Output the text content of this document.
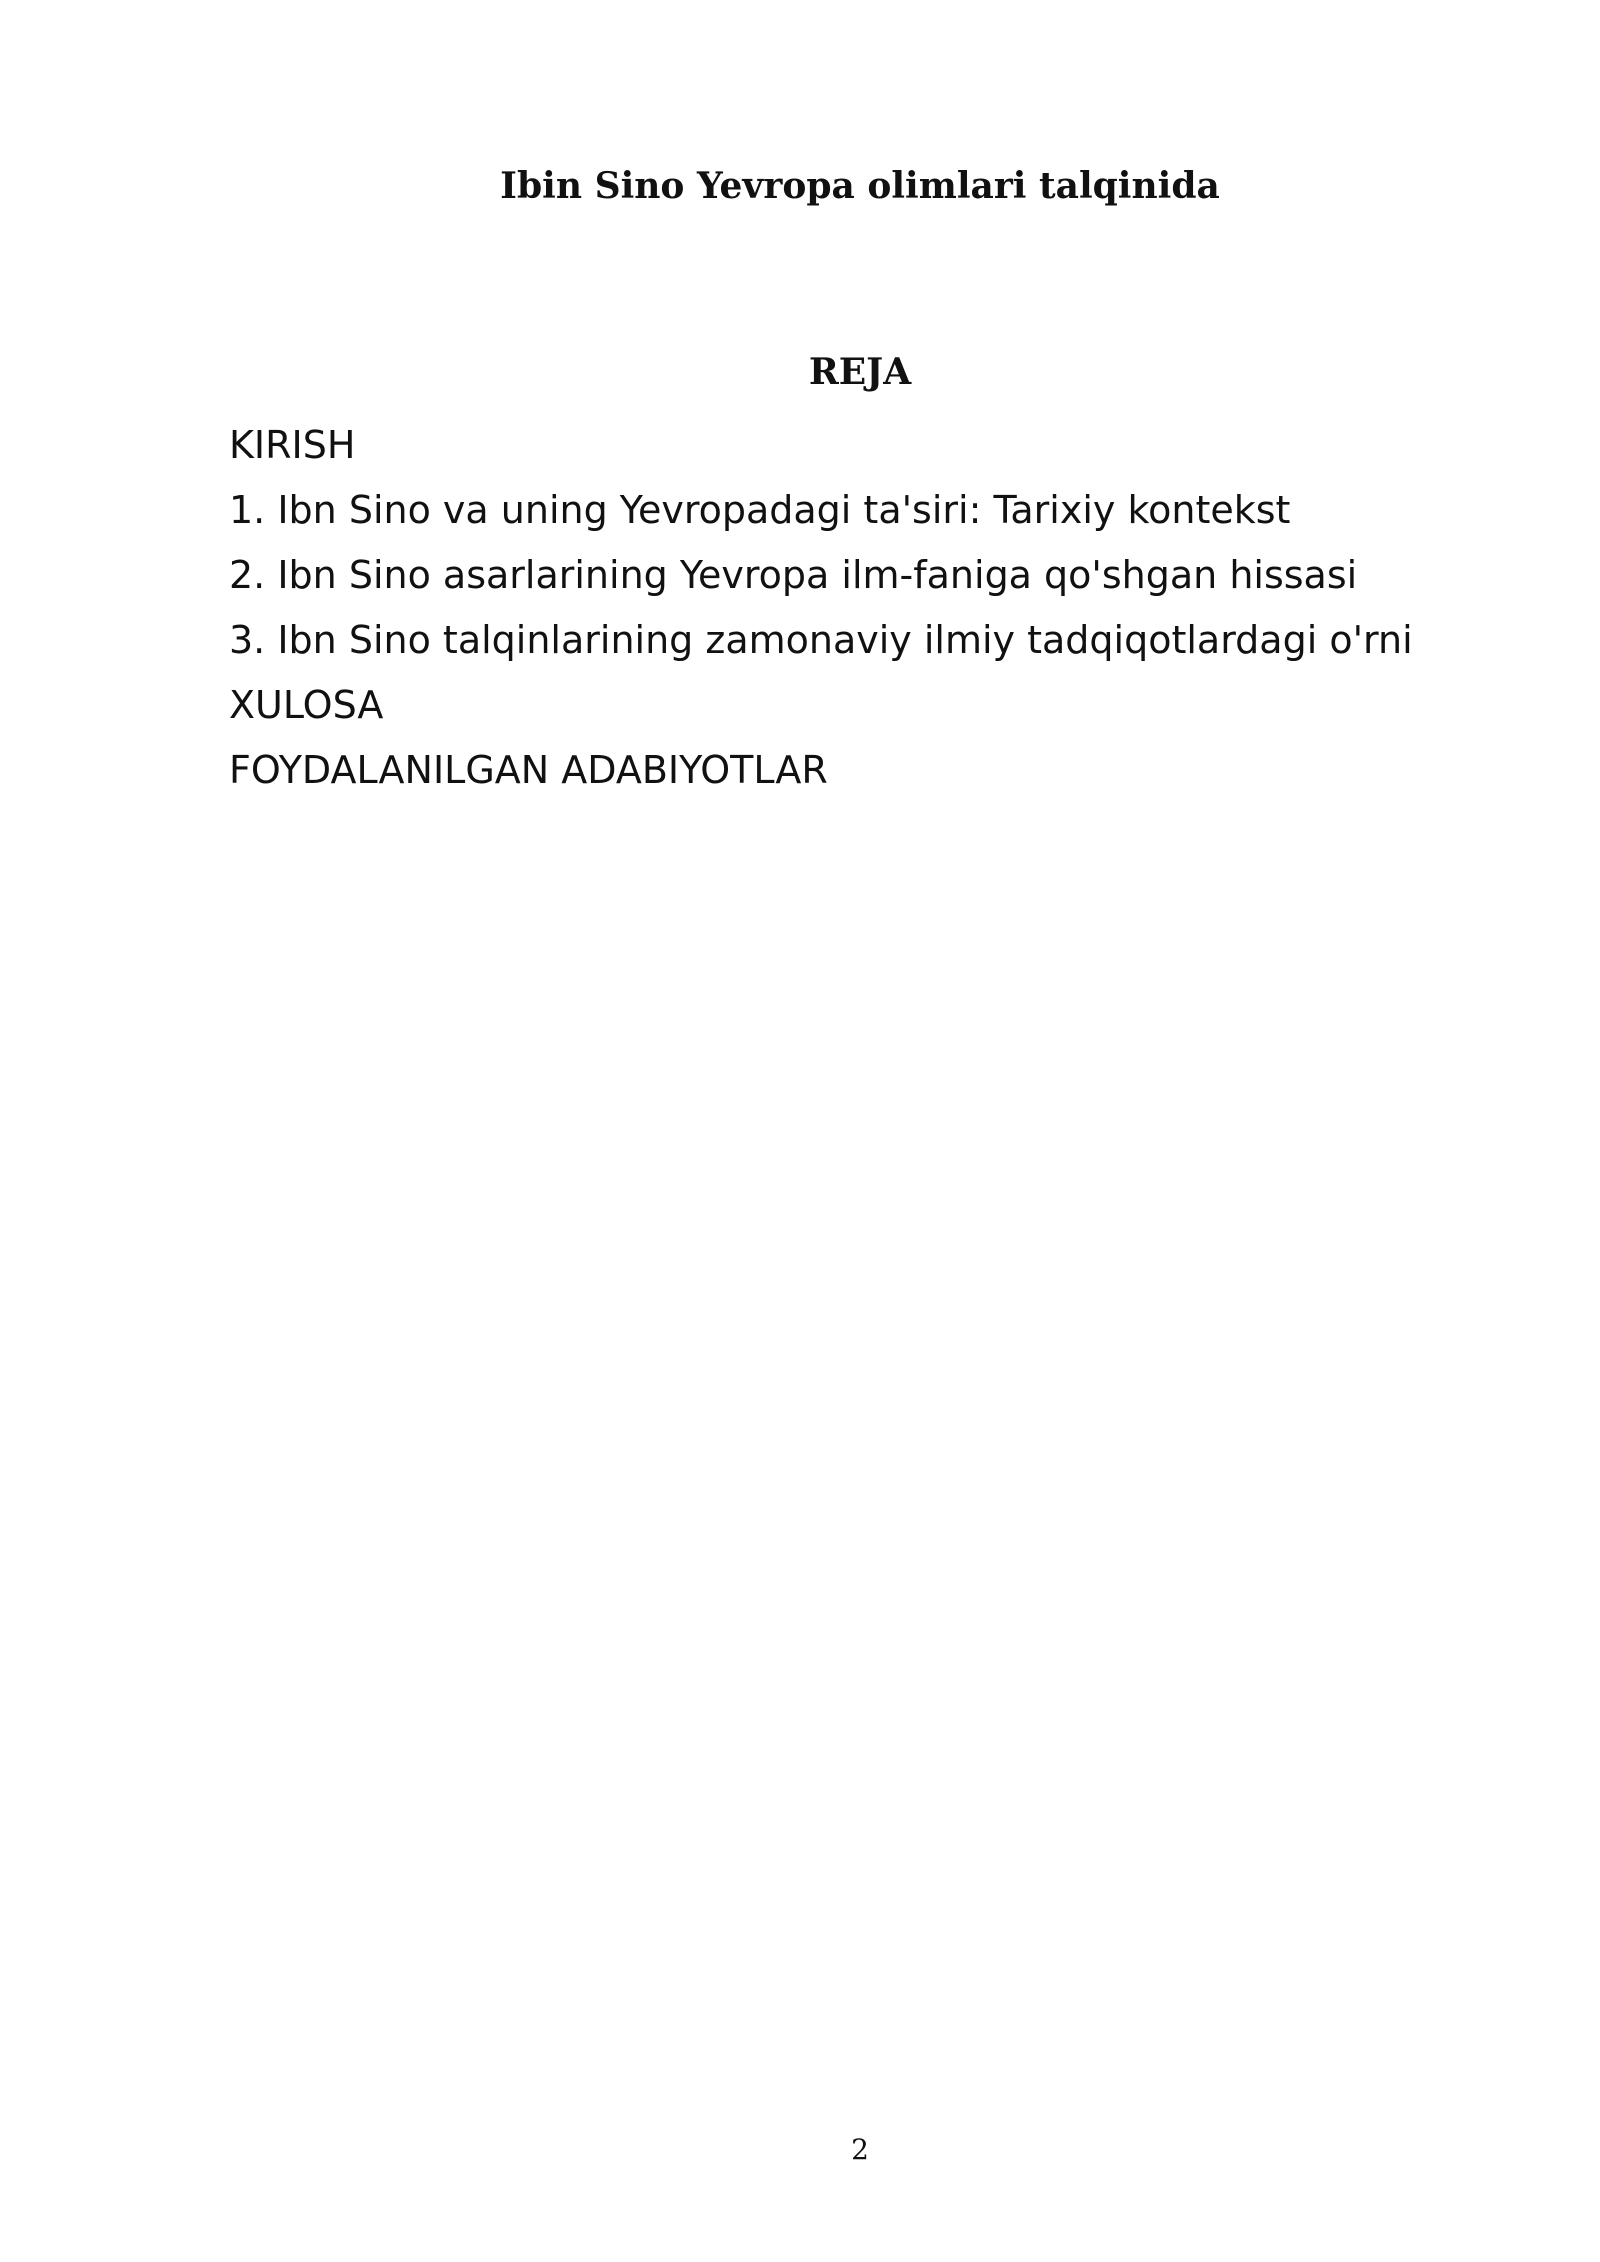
Ibin Sino Yevropa olimlari talqinida
REJA
KIRISH
1. Ibn Sino va uning Yevropadagi ta'siri: Tarixiy kontekst
2. Ibn Sino asarlarining Yevropa ilm-faniga qo'shgan hissasi
3. Ibn Sino talqinlarining zamonaviy ilmiy tadqiqotlardagi o'rni
XULOSA
FOYDALANILGAN ADABIYOTLAR
2
